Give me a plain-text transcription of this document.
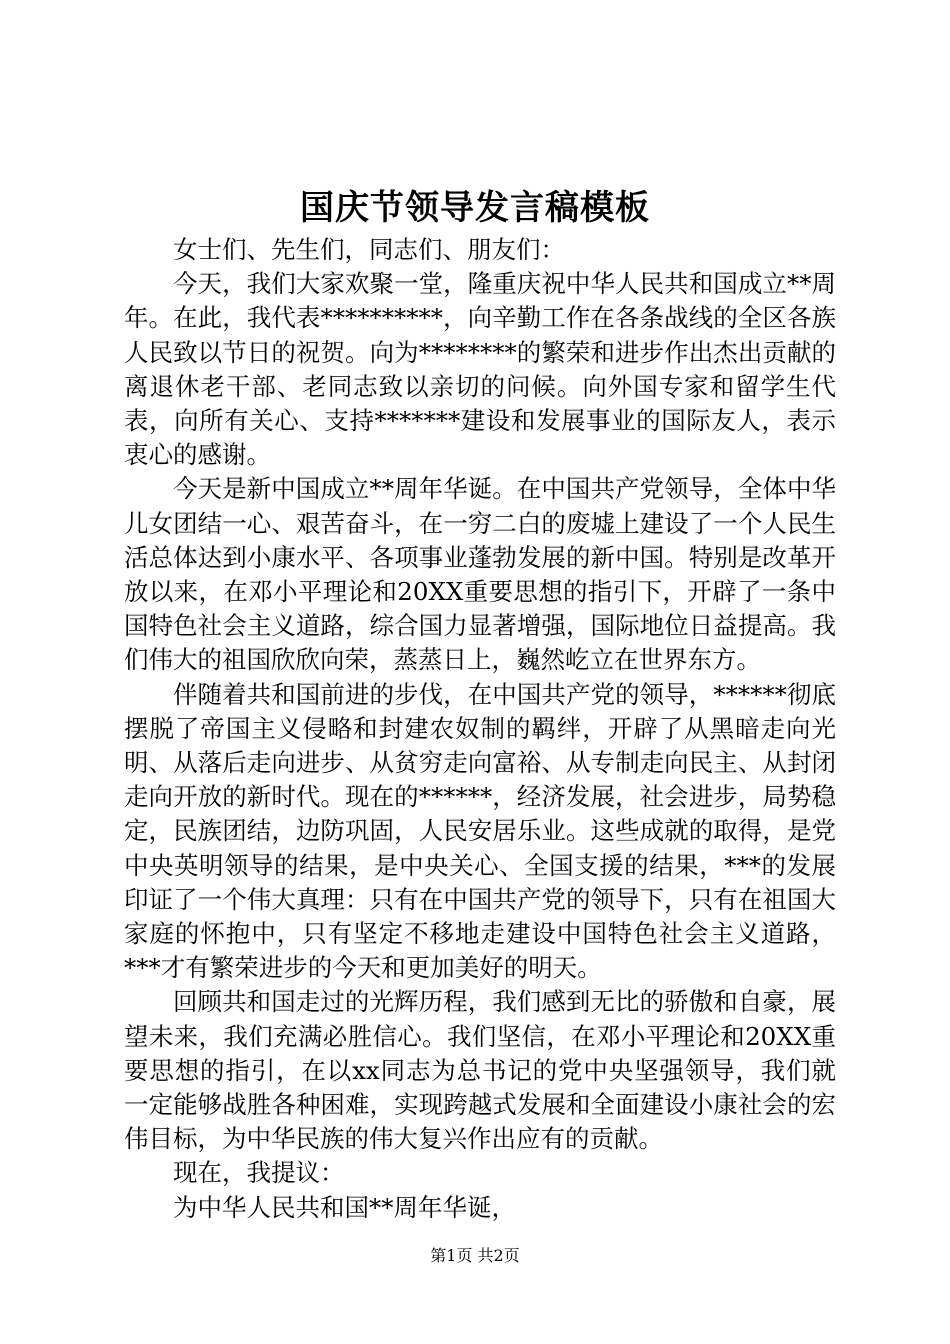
国庆节领导发言稿模板

女士们、先生们，同志们、朋友们：

今天，我们大家欢聚一堂，隆重庆祝中华人民共和国成立**周年。在此，我代表**********，向辛勤工作在各条战线的全区各族人民致以节日的祝贺。向为********的繁荣和进步作出杰出贡献的离退休老干部、老同志致以亲切的问候。向外国专家和留学生代表，向所有关心、支持*******建设和发展事业的国际友人，表示衷心的感谢。

今天是新中国成立**周年华诞。在中国共产党领导，全体中华儿女团结一心、艰苦奋斗，在一穷二白的废墟上建设了一个人民生活总体达到小康水平、各项事业蓬勃发展的新中国。特别是改革开放以来，在邓小平理论和20XX重要思想的指引下，开辟了一条中国特色社会主义道路，综合国力显著增强，国际地位日益提高。我们伟大的祖国欣欣向荣，蒸蒸日上，巍然屹立在世界东方。

伴随着共和国前进的步伐，在中国共产党的领导，******彻底摆脱了帝国主义侵略和封建农奴制的羁绊，开辟了从黑暗走向光明、从落后走向进步、从贫穷走向富裕、从专制走向民主、从封闭走向开放的新时代。现在的******，经济发展，社会进步，局势稳定，民族团结，边防巩固，人民安居乐业。这些成就的取得，是党中央英明领导的结果，是中央关心、全国支援的结果，***的发展印证了一个伟大真理：只有在中国共产党的领导下，只有在祖国大家庭的怀抱中，只有坚定不移地走建设中国特色社会主义道路，***才有繁荣进步的今天和更加美好的明天。

回顾共和国走过的光辉历程，我们感到无比的骄傲和自豪，展望未来，我们充满必胜信心。我们坚信，在邓小平理论和20XX重要思想的指引，在以xx同志为总书记的党中央坚强领导，我们就一定能够战胜各种困难，实现跨越式发展和全面建设小康社会的宏伟目标，为中华民族的伟大复兴作出应有的贡献。

现在，我提议：

为中华人民共和国**周年华诞，

第1页 共2页
